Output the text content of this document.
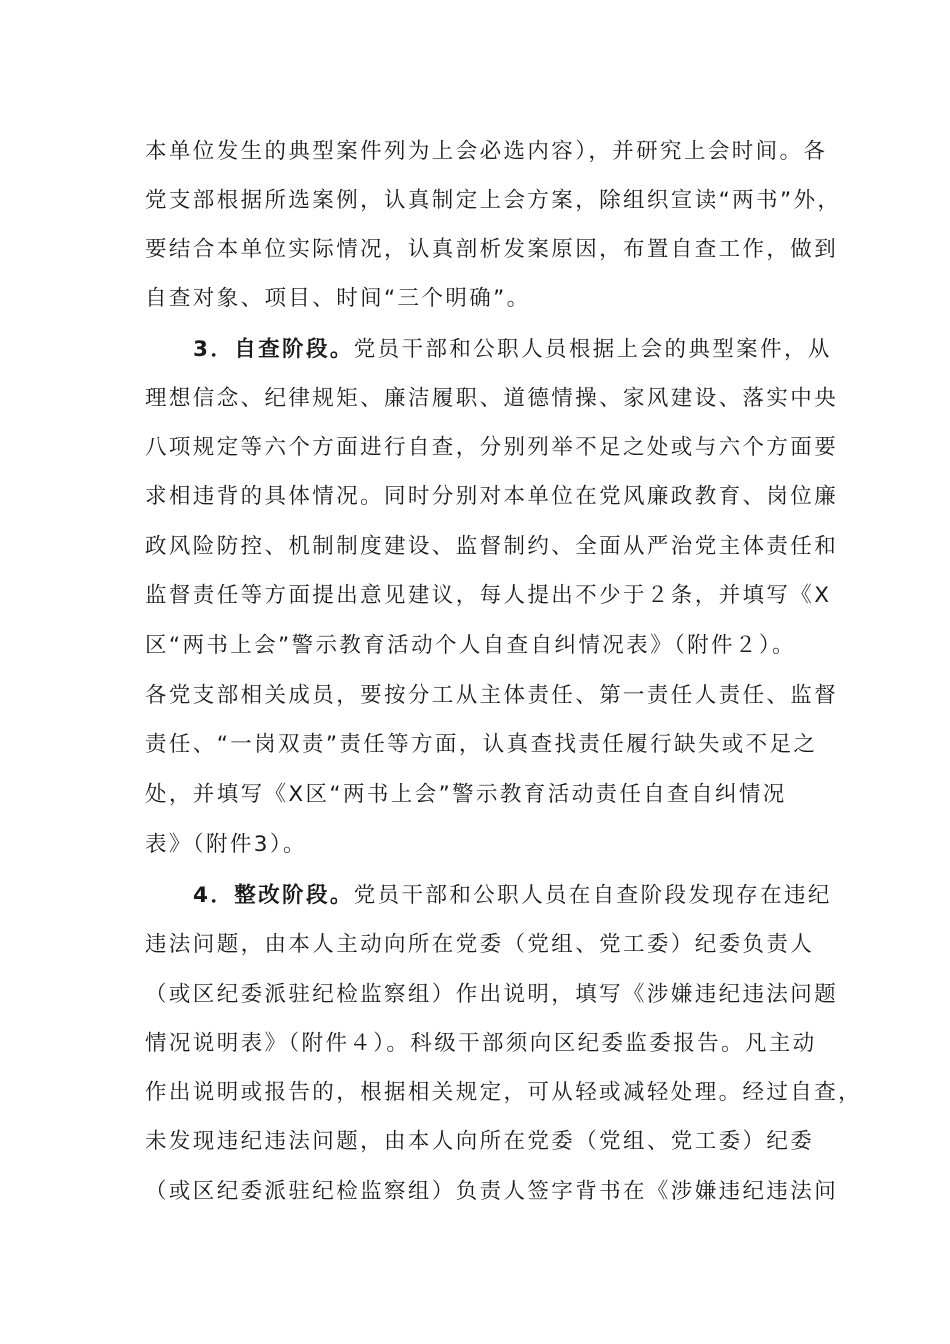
本单位发生的典型案件列为上会必选内容），并研究上会时间。各
党支部根据所选案例，认真制定上会方案，除组织宣读“两书”外，
要结合本单位实际情况，认真剖析发案原因，布置自查工作，做到
自查对象、项目、时间“三个明确”。
3．自查阶段。党员干部和公职人员根据上会的典型案件，从
理想信念、纪律规矩、廉洁履职、道德情操、家风建设、落实中央
八项规定等六个方面进行自查，分别列举不足之处或与六个方面要
求相违背的具体情况。同时分别对本单位在党风廉政教育、岗位廉
政风险防控、机制制度建设、监督制约、全面从严治党主体责任和
监督责任等方面提出意见建议，每人提出不少于２条，并填写《X
区“两书上会”警示教育活动个人自查自纠情况表》（附件２）。
各党支部相关成员，要按分工从主体责任、第一责任人责任、监督
责任、“一岗双责”责任等方面，认真查找责任履行缺失或不足之
处，并填写《X区“两书上会”警示教育活动责任自查自纠情况
表》（附件3）。
4．整改阶段。党员干部和公职人员在自查阶段发现存在违纪
违法问题，由本人主动向所在党委（党组、党工委）纪委负责人
（或区纪委派驻纪检监察组）作出说明，填写《涉嫌违纪违法问题
情况说明表》（附件４）。科级干部须向区纪委监委报告。凡主动
作出说明或报告的，根据相关规定，可从轻或减轻处理。经过自查，
未发现违纪违法问题，由本人向所在党委（党组、党工委）纪委
（或区纪委派驻纪检监察组）负责人签字背书在《涉嫌违纪违法问
